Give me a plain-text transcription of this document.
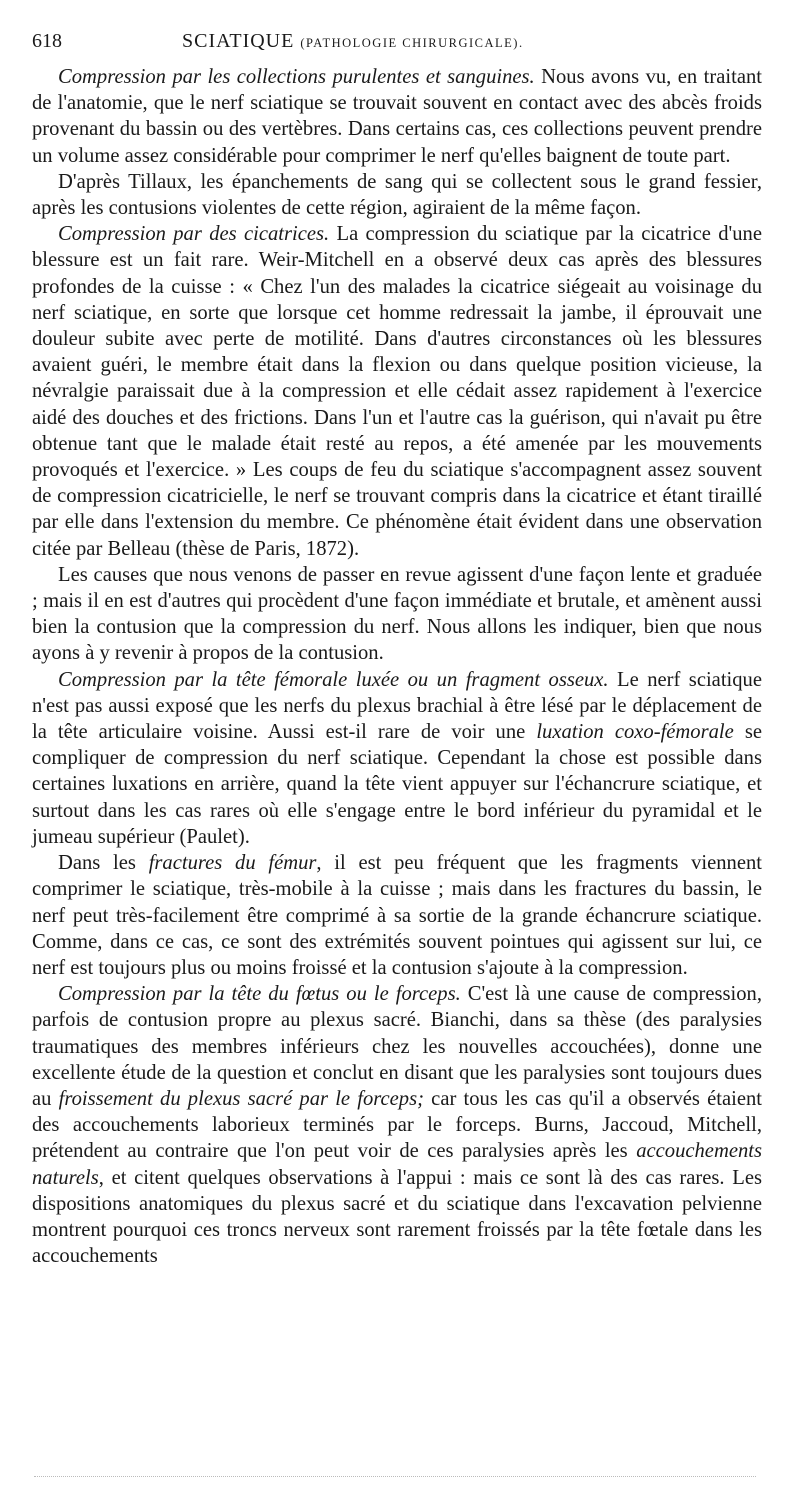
618	SCIATIQUE (PATHOLOGIE CHIRURGICALE).

Compression par les collections purulentes et sanguines. Nous avons vu, en traitant de l'anatomie, que le nerf sciatique se trouvait souvent en contact avec des abcès froids provenant du bassin ou des vertèbres. Dans certains cas, ces collections peuvent prendre un volume assez considérable pour comprimer le nerf qu'elles baignent de toute part.

D'après Tillaux, les épanchements de sang qui se collectent sous le grand fessier, après les contusions violentes de cette région, agiraient de la même façon.

Compression par des cicatrices. La compression du sciatique par la cicatrice d'une blessure est un fait rare. Weir-Mitchell en a observé deux cas après des blessures profondes de la cuisse : « Chez l'un des malades la cicatrice siégeait au voisinage du nerf sciatique, en sorte que lorsque cet homme redressait la jambe, il éprouvait une douleur subite avec perte de motilité. Dans d'autres circonstances où les blessures avaient guéri, le membre était dans la flexion ou dans quelque position vicieuse, la névralgie paraissait due à la compression et elle cédait assez rapidement à l'exercice aidé des douches et des frictions. Dans l'un et l'autre cas la guérison, qui n'avait pu être obtenue tant que le malade était resté au repos, a été amenée par les mouvements provoqués et l'exercice. » Les coups de feu du sciatique s'accompagnent assez souvent de compression cicatricielle, le nerf se trouvant compris dans la cicatrice et étant tiraillé par elle dans l'extension du membre. Ce phénomène était évident dans une observation citée par Belleau (thèse de Paris, 1872).

Les causes que nous venons de passer en revue agissent d'une façon lente et graduée ; mais il en est d'autres qui procèdent d'une façon immédiate et brutale, et amènent aussi bien la contusion que la compression du nerf. Nous allons les indiquer, bien que nous ayons à y revenir à propos de la contusion.

Compression par la tête fémorale luxée ou un fragment osseux. Le nerf sciatique n'est pas aussi exposé que les nerfs du plexus brachial à être lésé par le déplacement de la tête articulaire voisine. Aussi est-il rare de voir une luxation coxo-fémorale se compliquer de compression du nerf sciatique. Cependant la chose est possible dans certaines luxations en arrière, quand la tête vient appuyer sur l'échancrure sciatique, et surtout dans les cas rares où elle s'engage entre le bord inférieur du pyramidal et le jumeau supérieur (Paulet).

Dans les fractures du fémur, il est peu fréquent que les fragments viennent comprimer le sciatique, très-mobile à la cuisse ; mais dans les fractures du bassin, le nerf peut très-facilement être comprimé à sa sortie de la grande échancrure sciatique. Comme, dans ce cas, ce sont des extrémités souvent pointues qui agissent sur lui, ce nerf est toujours plus ou moins froissé et la contusion s'ajoute à la compression.

Compression par la tête du fœtus ou le forceps. C'est là une cause de compression, parfois de contusion propre au plexus sacré. Bianchi, dans sa thèse (des paralysies traumatiques des membres inférieurs chez les nouvelles accouchées), donne une excellente étude de la question et conclut en disant que les paralysies sont toujours dues au froissement du plexus sacré par le forceps; car tous les cas qu'il a observés étaient des accouchements laborieux terminés par le forceps. Burns, Jaccoud, Mitchell, prétendent au contraire que l'on peut voir de ces paralysies après les accouchements naturels, et citent quelques observations à l'appui : mais ce sont là des cas rares. Les dispositions anatomiques du plexus sacré et du sciatique dans l'excavation pelvienne montrent pourquoi ces troncs nerveux sont rarement froissés par la tête fœtale dans les accouchements
